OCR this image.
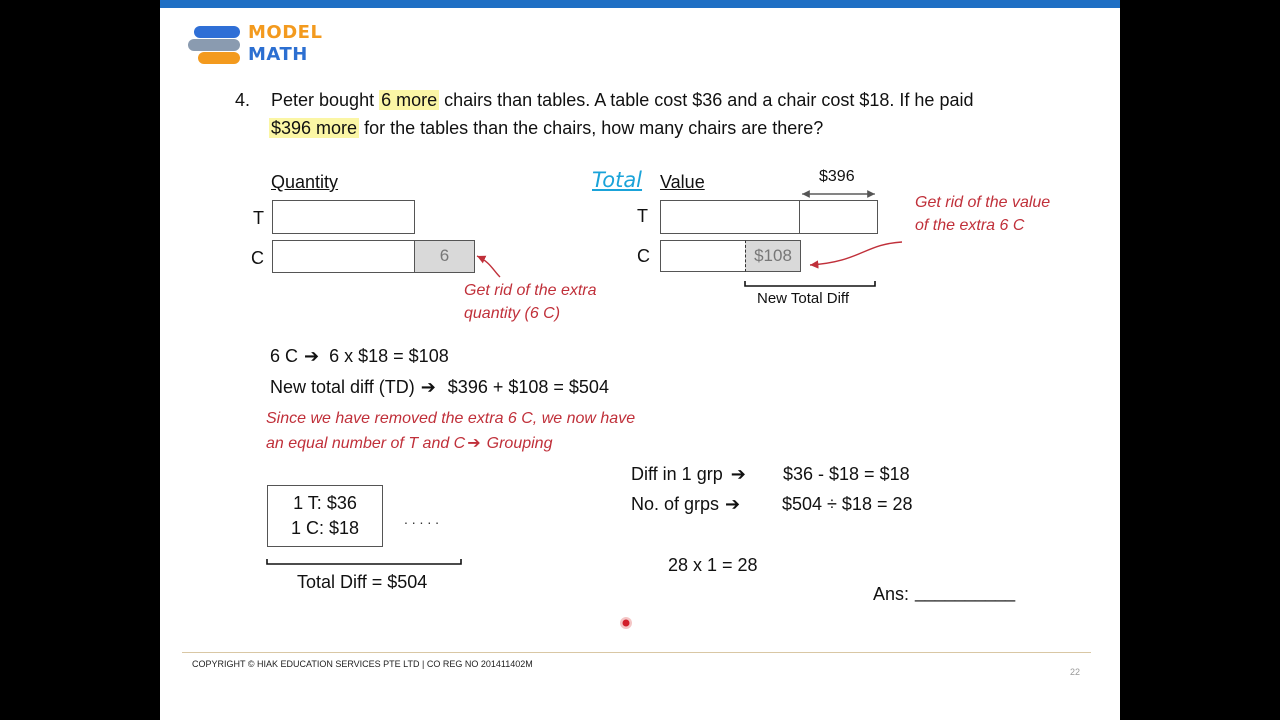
MODEL
MATH
4. Peter bought 6 more chairs than tables. A table cost $36 and a chair cost $18. If he paid
$396 more for the tables than the chairs, how many chairs are there?
Quantity
T
C	6
Get rid of the extra
quantity (6 C)
Total Value	$396
T
C	$108
New Total Diff
Get rid of the value
of the extra 6 C
6 C ➔ 6 x $18 = $108
New total diff (TD) ➔ $396 + $108 = $504
Since we have removed the extra 6 C, we now have
an equal number of T and C ➔ Grouping
1 T: $36
1 C: $18	. . . . .
Total Diff = $504
Diff in 1 grp ➔ $36 - $18 = $18
No. of grps ➔ $504 ÷ $18 = 28
28 x 1 = 28
Ans: __________
COPYRIGHT © HIAK EDUCATION SERVICES PTE LTD | CO REG NO 201411402M
22
